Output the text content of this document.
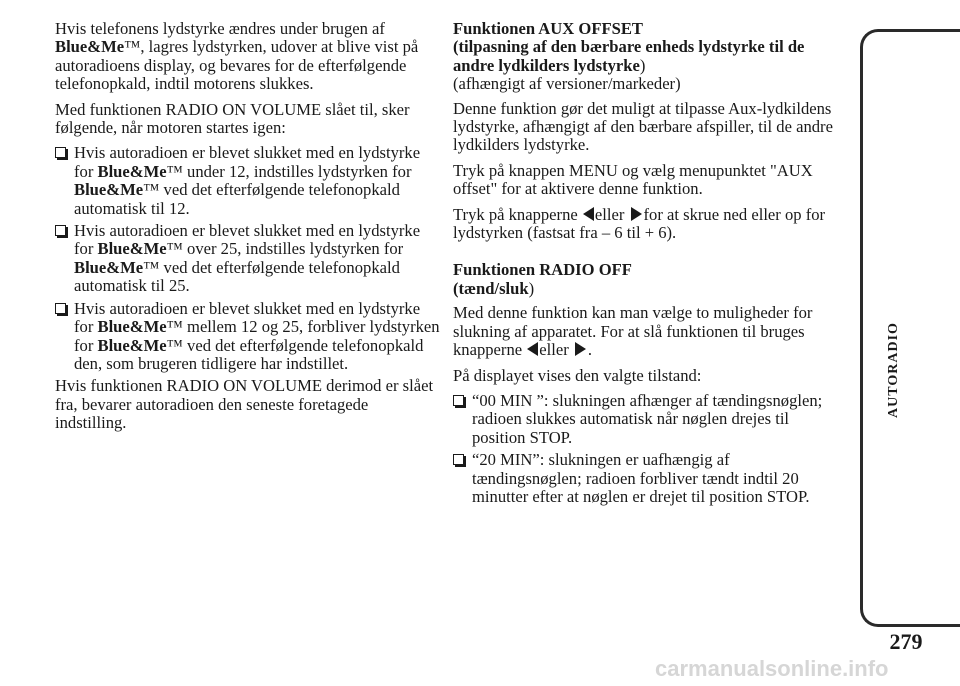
Hvis telefonens lydstyrke ændres under brugen af Blue&Me™, lagres lydstyrken, udover at blive vist på autoradioens display, og bevares for de efterfølgende telefonopkald, indtil motorens slukkes.

Med funktionen RADIO ON VOLUME slået til, sker følgende, når motoren startes igen:

Hvis autoradioen er blevet slukket med en lydstyrke for Blue&Me™ under 12, indstilles lydstyrken for Blue&Me™ ved det efterfølgende telefonopkald automatisk til 12.
Hvis autoradioen er blevet slukket med en lydstyrke for Blue&Me™ over 25, indstilles lydstyrken for Blue&Me™ ved det efterfølgende telefonopkald automatisk til 25.
Hvis autoradioen er blevet slukket med en lydstyrke for Blue&Me™ mellem 12 og 25, forbliver lydstyrken for Blue&Me™ ved det efterfølgende telefonopkald den, som brugeren tidligere har indstillet.

Hvis funktionen RADIO ON VOLUME derimod er slået fra, bevarer autoradioen den seneste foretagede indstilling.

Funktionen AUX OFFSET
(tilpasning af den bærbare enheds lydstyrke til de andre lydkilders lydstyrke)
(afhængigt af versioner/markeder)

Denne funktion gør det muligt at tilpasse Aux-lydkildens lydstyrke, afhængigt af den bærbare afspiller, til de andre lydkilders lydstyrke.

Tryk på knappen MENU og vælg menupunktet "AUX offset" for at aktivere denne funktion.

Tryk på knapperne eller for at skrue ned eller op for lydstyrken (fastsat fra – 6 til + 6).

Funktionen RADIO OFF
(tænd/sluk)

Med denne funktion kan man vælge to muligheder for slukning af apparatet. For at slå funktionen til bruges knapperne eller .

På displayet vises den valgte tilstand:

“00 MIN ”: slukningen afhænger af tændingsnøglen; radioen slukkes automatisk når nøglen drejes til position STOP.
“20 MIN”: slukningen er uafhængig af tændingsnøglen; radioen forbliver tændt indtil 20 minutter efter at nøglen er drejet til position STOP.
AUTORADIO
279
carmanualsonline.info
